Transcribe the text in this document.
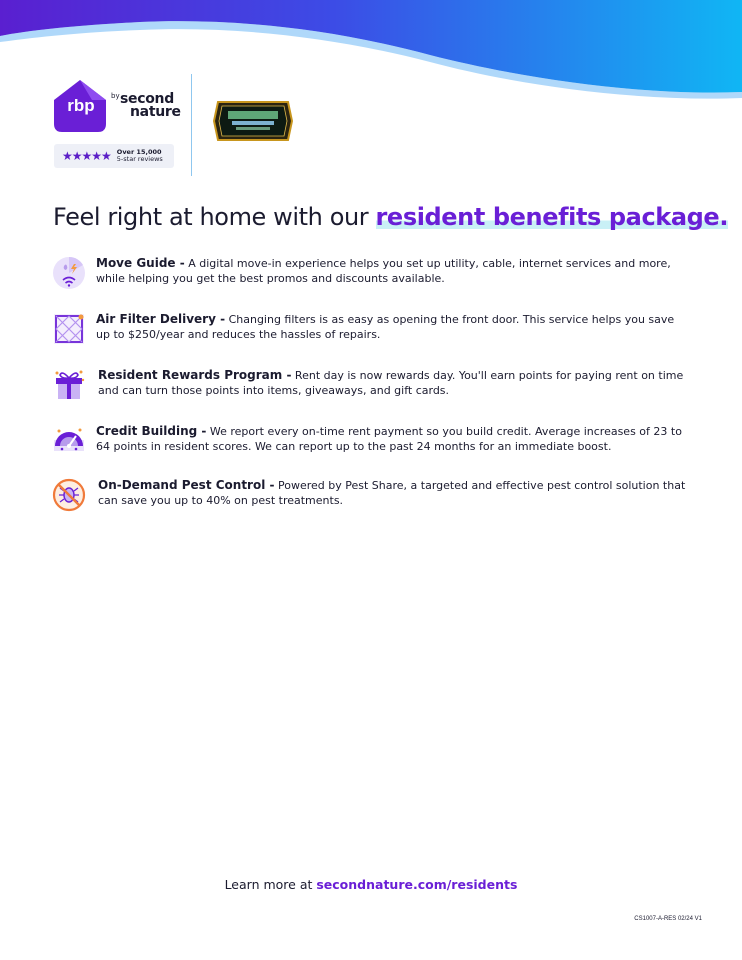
rbp	by second
nature
★★★★★ Over 15,000
5-star reviews
Feel right at home with our resident benefits package.
Move Guide - A digital move-in experience helps you set up utility, cable, internet services and more, while helping you get the best promos and discounts available.
Air Filter Delivery - Changing filters is as easy as opening the front door. This service helps you save up to $250/year and reduces the hassles of repairs.
Resident Rewards Program - Rent day is now rewards day. You'll earn points for paying rent on time and can turn those points into items, giveaways, and gift cards.
Credit Building - We report every on-time rent payment so you build credit. Average increases of 23 to 64 points in resident scores. We can report up to the past 24 months for an immediate boost.
On-Demand Pest Control - Powered by Pest Share, a targeted and effective pest control solution that can save you up to 40% on pest treatments.
Learn more at secondnature.com/residents
CS1007-A-RES 02/24 V1
